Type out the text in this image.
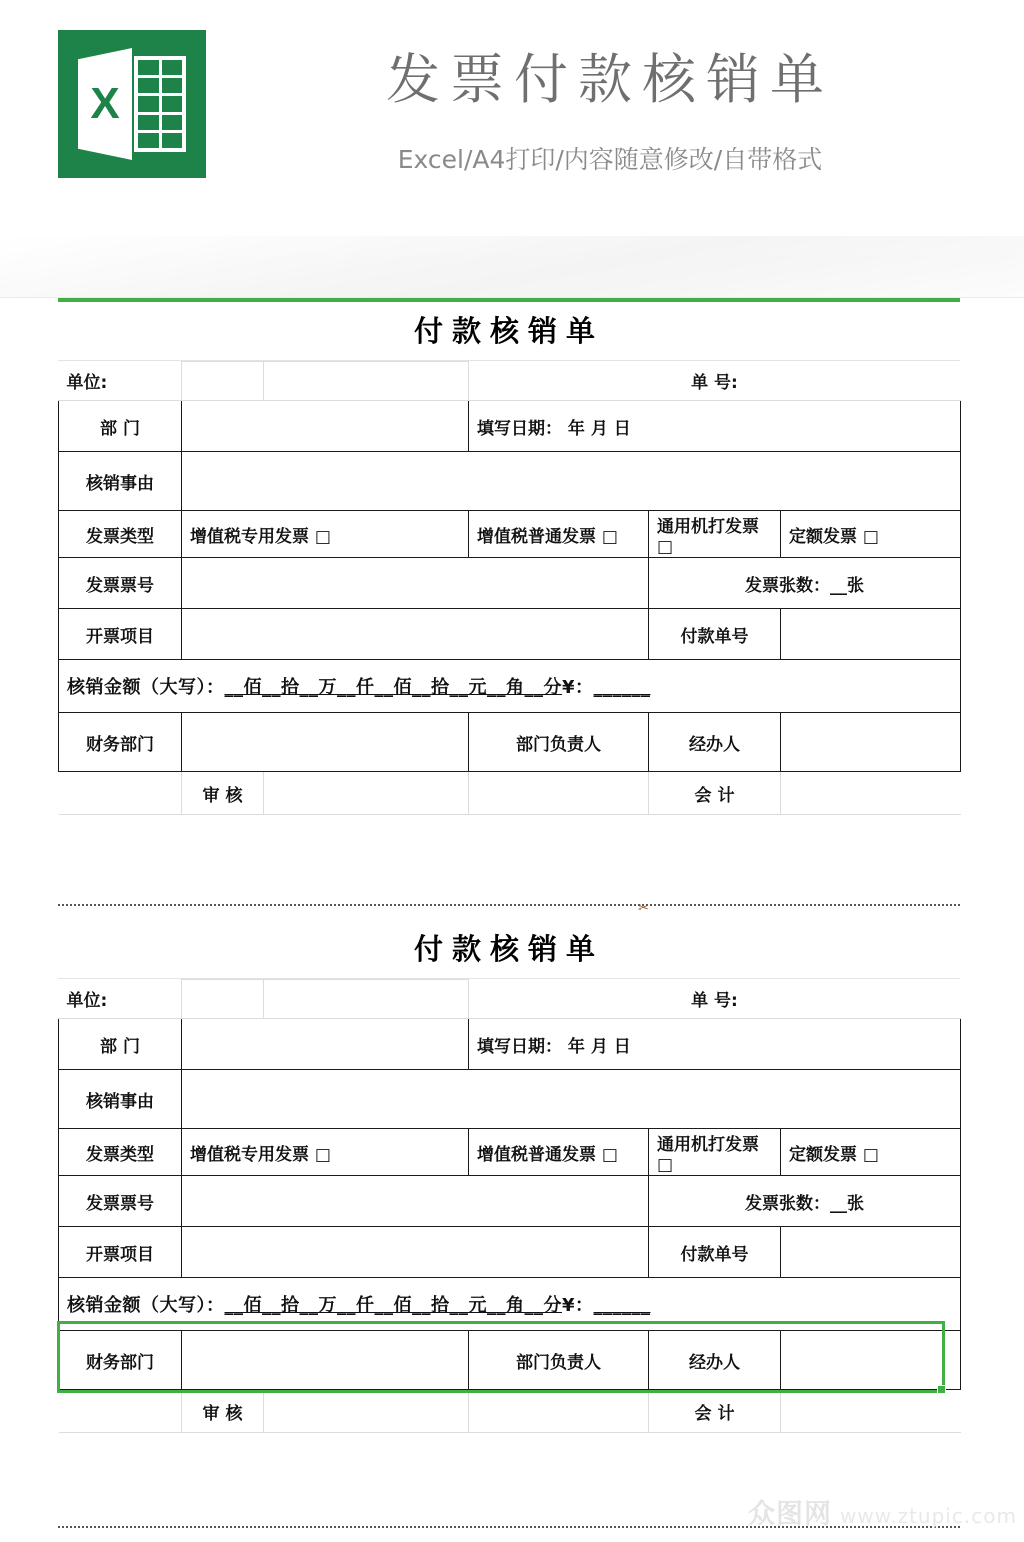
X	发票付款核销单
Excel/A4打印/内容随意修改/自带格式
付款核销单
单位:				单 号:	
部 门			填写日期： 年 月 日		
核销事由					
发票类型	增值税专用发票 □		增值税普通发票 □	通用机打发票 □	定额发票 □
发票票号				发票张数：__张	
开票项目				付款单号	
核销金额（大写）：__佰__拾__万__仟__佰__拾__元__角__分¥：______					
财务部门			部门负责人	经办人	
	审 核			会 计	
✂
付款核销单
单位:				单 号:	
部 门			填写日期： 年 月 日		
核销事由					
发票类型	增值税专用发票 □		增值税普通发票 □	通用机打发票 □	定额发票 □
发票票号				发票张数：__张	
开票项目				付款单号	
核销金额（大写）：__佰__拾__万__仟__佰__拾__元__角__分¥：______					
财务部门			部门负责人	经办人	
	审 核			会 计	
众图网 www.ztupic.com
